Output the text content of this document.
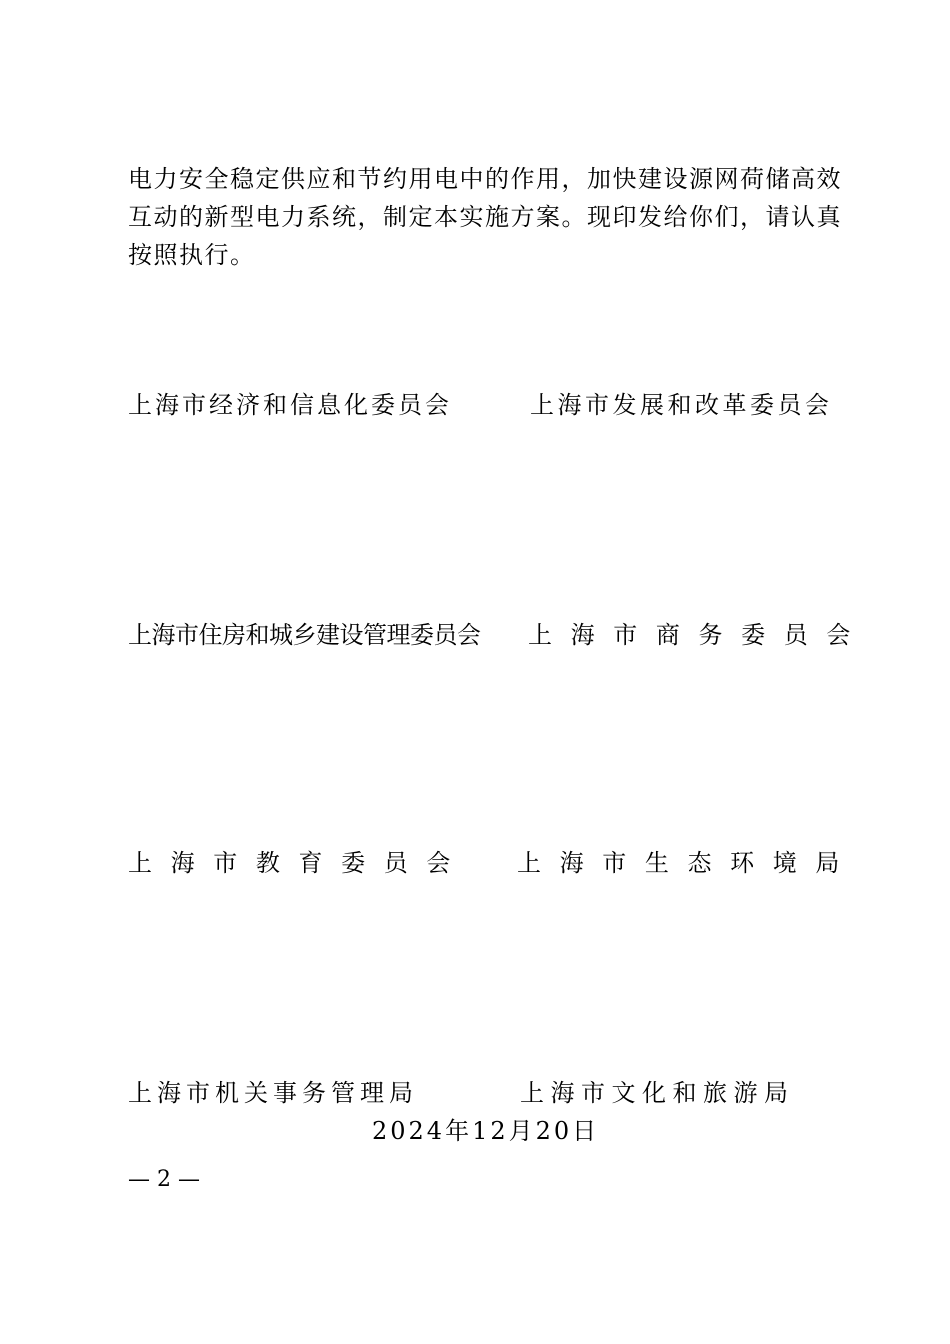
电力安全稳定供应和节约用电中的作用，加快建设源网荷储高效
互动的新型电力系统，制定本实施方案。现印发给你们，请认真
按照执行。
上海市经济和信息化委员会	上海市发展和改革委员会
上海市住房和城乡建设管理委员会 上 海 市 商 务 委 员 会
上 海 市 教 育 委 员 会	上 海 市 生 态 环 境 局
上海市机关事务管理局	上海市文化和旅游局
2024年12月20日
— 2 —
